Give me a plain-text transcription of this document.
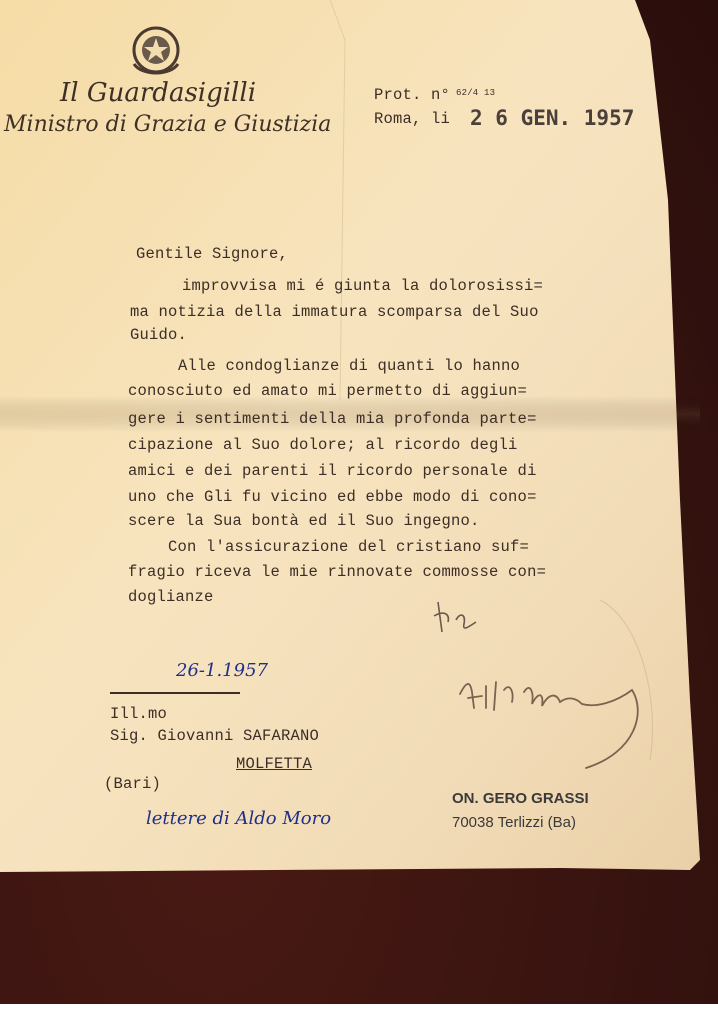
Il Guardasigilli
Ministro di Grazia e Giustizia
Prot. n° 62/4 13
Roma, li 2 6 GEN. 1957
Gentile Signore,
improvvisa mi é giunta la dolorosissi=
ma notizia della immatura scomparsa del Suo
Guido.
Alle condoglianze di quanti lo hanno
conosciuto ed amato mi permetto di aggiun=
gere i sentimenti della mia profonda parte=
cipazione al Suo dolore; al ricordo degli
amici e dei parenti il ricordo personale di
uno che Gli fu vicino ed ebbe modo di cono=
scere la Sua bontà ed il Suo ingegno.
Con l'assicurazione del cristiano suf=
fragio riceva le mie rinnovate commosse con=
doglianze
26-1.1957
Ill.mo
Sig. Giovanni SAFARANO
MOLFETTA
(Bari)
lettere di Aldo Moro
ON. GERO GRASSI
70038 Terlizzi (Ba)
